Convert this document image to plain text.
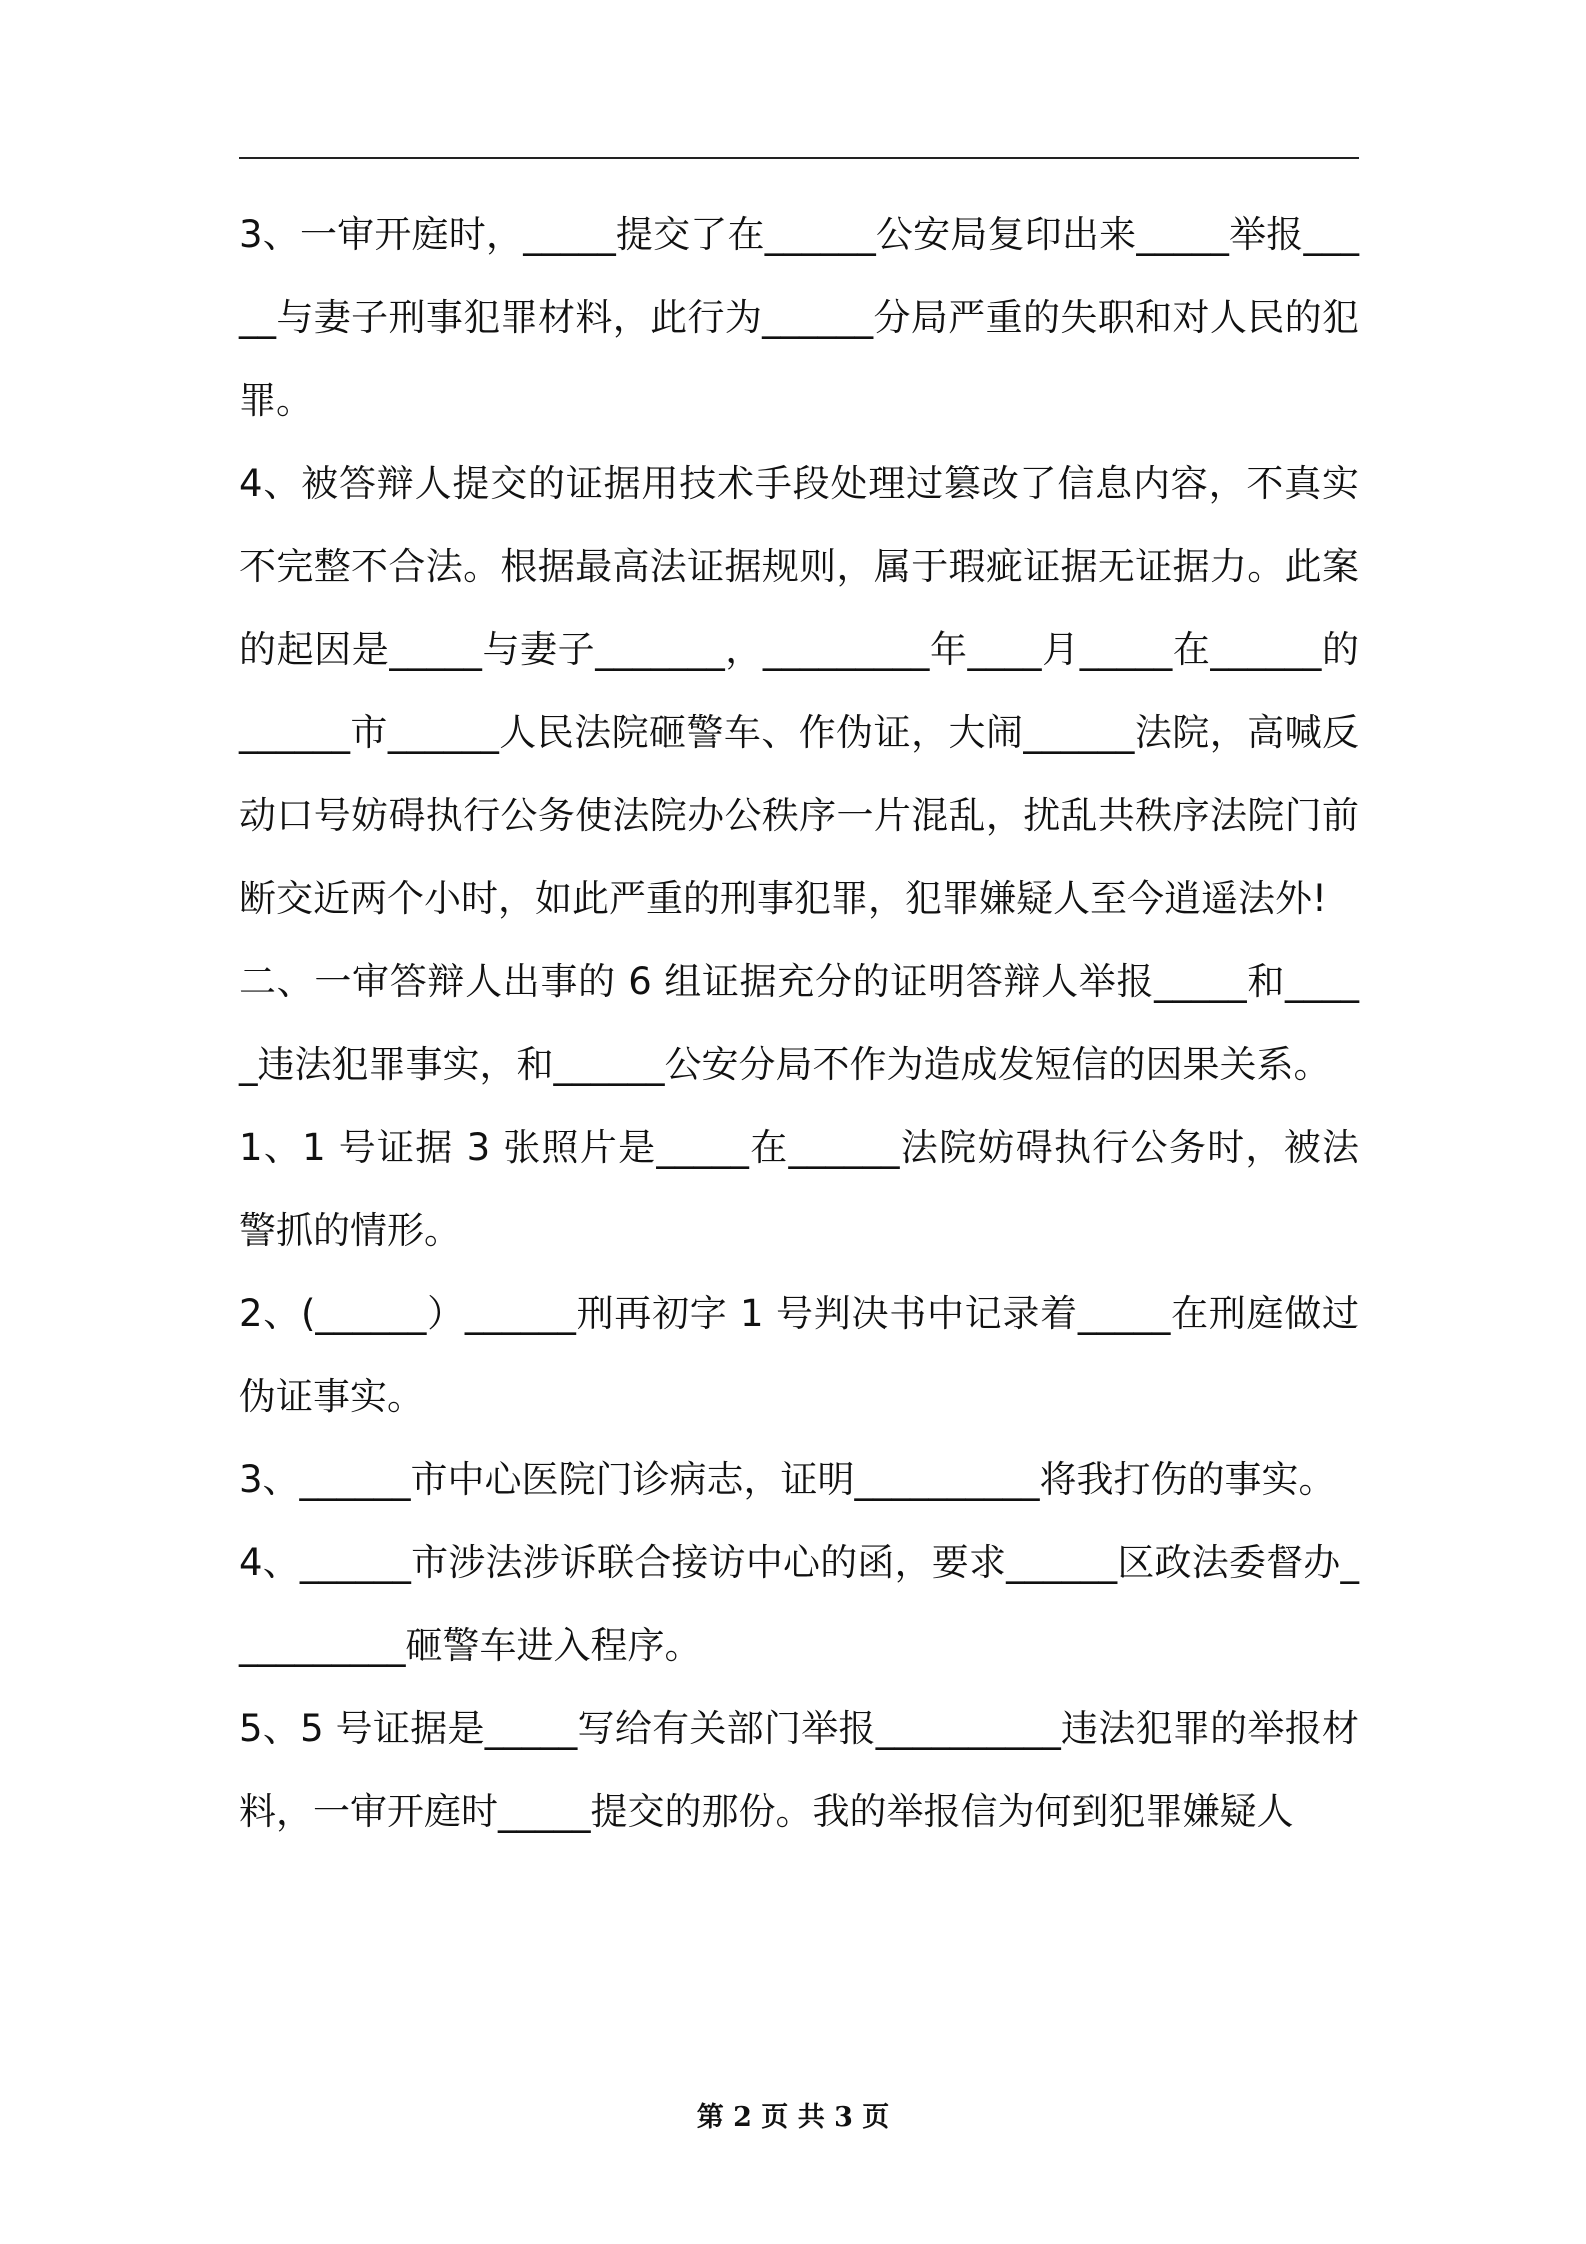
3、一审开庭时，_____提交了在______公安局复印出来_____举报_____与妻子刑事犯罪材料，此行为______分局严重的失职和对人民的犯罪。

4、被答辩人提交的证据用技术手段处理过篡改了信息内容，不真实不完整不合法。根据最高法证据规则，属于瑕疵证据无证据力。此案的起因是_____与妻子_______，_________年____月_____在______的______市______人民法院砸警车、作伪证，大闹______法院，高喊反动口号妨碍执行公务使法院办公秩序一片混乱，扰乱共秩序法院门前断交近两个小时，如此严重的刑事犯罪，犯罪嫌疑人至今逍遥法外!

二、一审答辩人出事的 6 组证据充分的证明答辩人举报_____和_____违法犯罪事实，和______公安分局不作为造成发短信的因果关系。

1、1 号证据 3 张照片是_____在______法院妨碍执行公务时，被法警抓的情形。

2、(______）______刑再初字 1 号判决书中记录着_____在刑庭做过伪证事实。

3、______市中心医院门诊病志，证明__________将我打伤的事实。

4、______市涉法涉诉联合接访中心的函，要求______区政法委督办__________砸警车进入程序。

5、5 号证据是_____写给有关部门举报__________违法犯罪的举报材料，一审开庭时_____提交的那份。我的举报信为何到犯罪嫌疑人

第 2 页 共 3 页
